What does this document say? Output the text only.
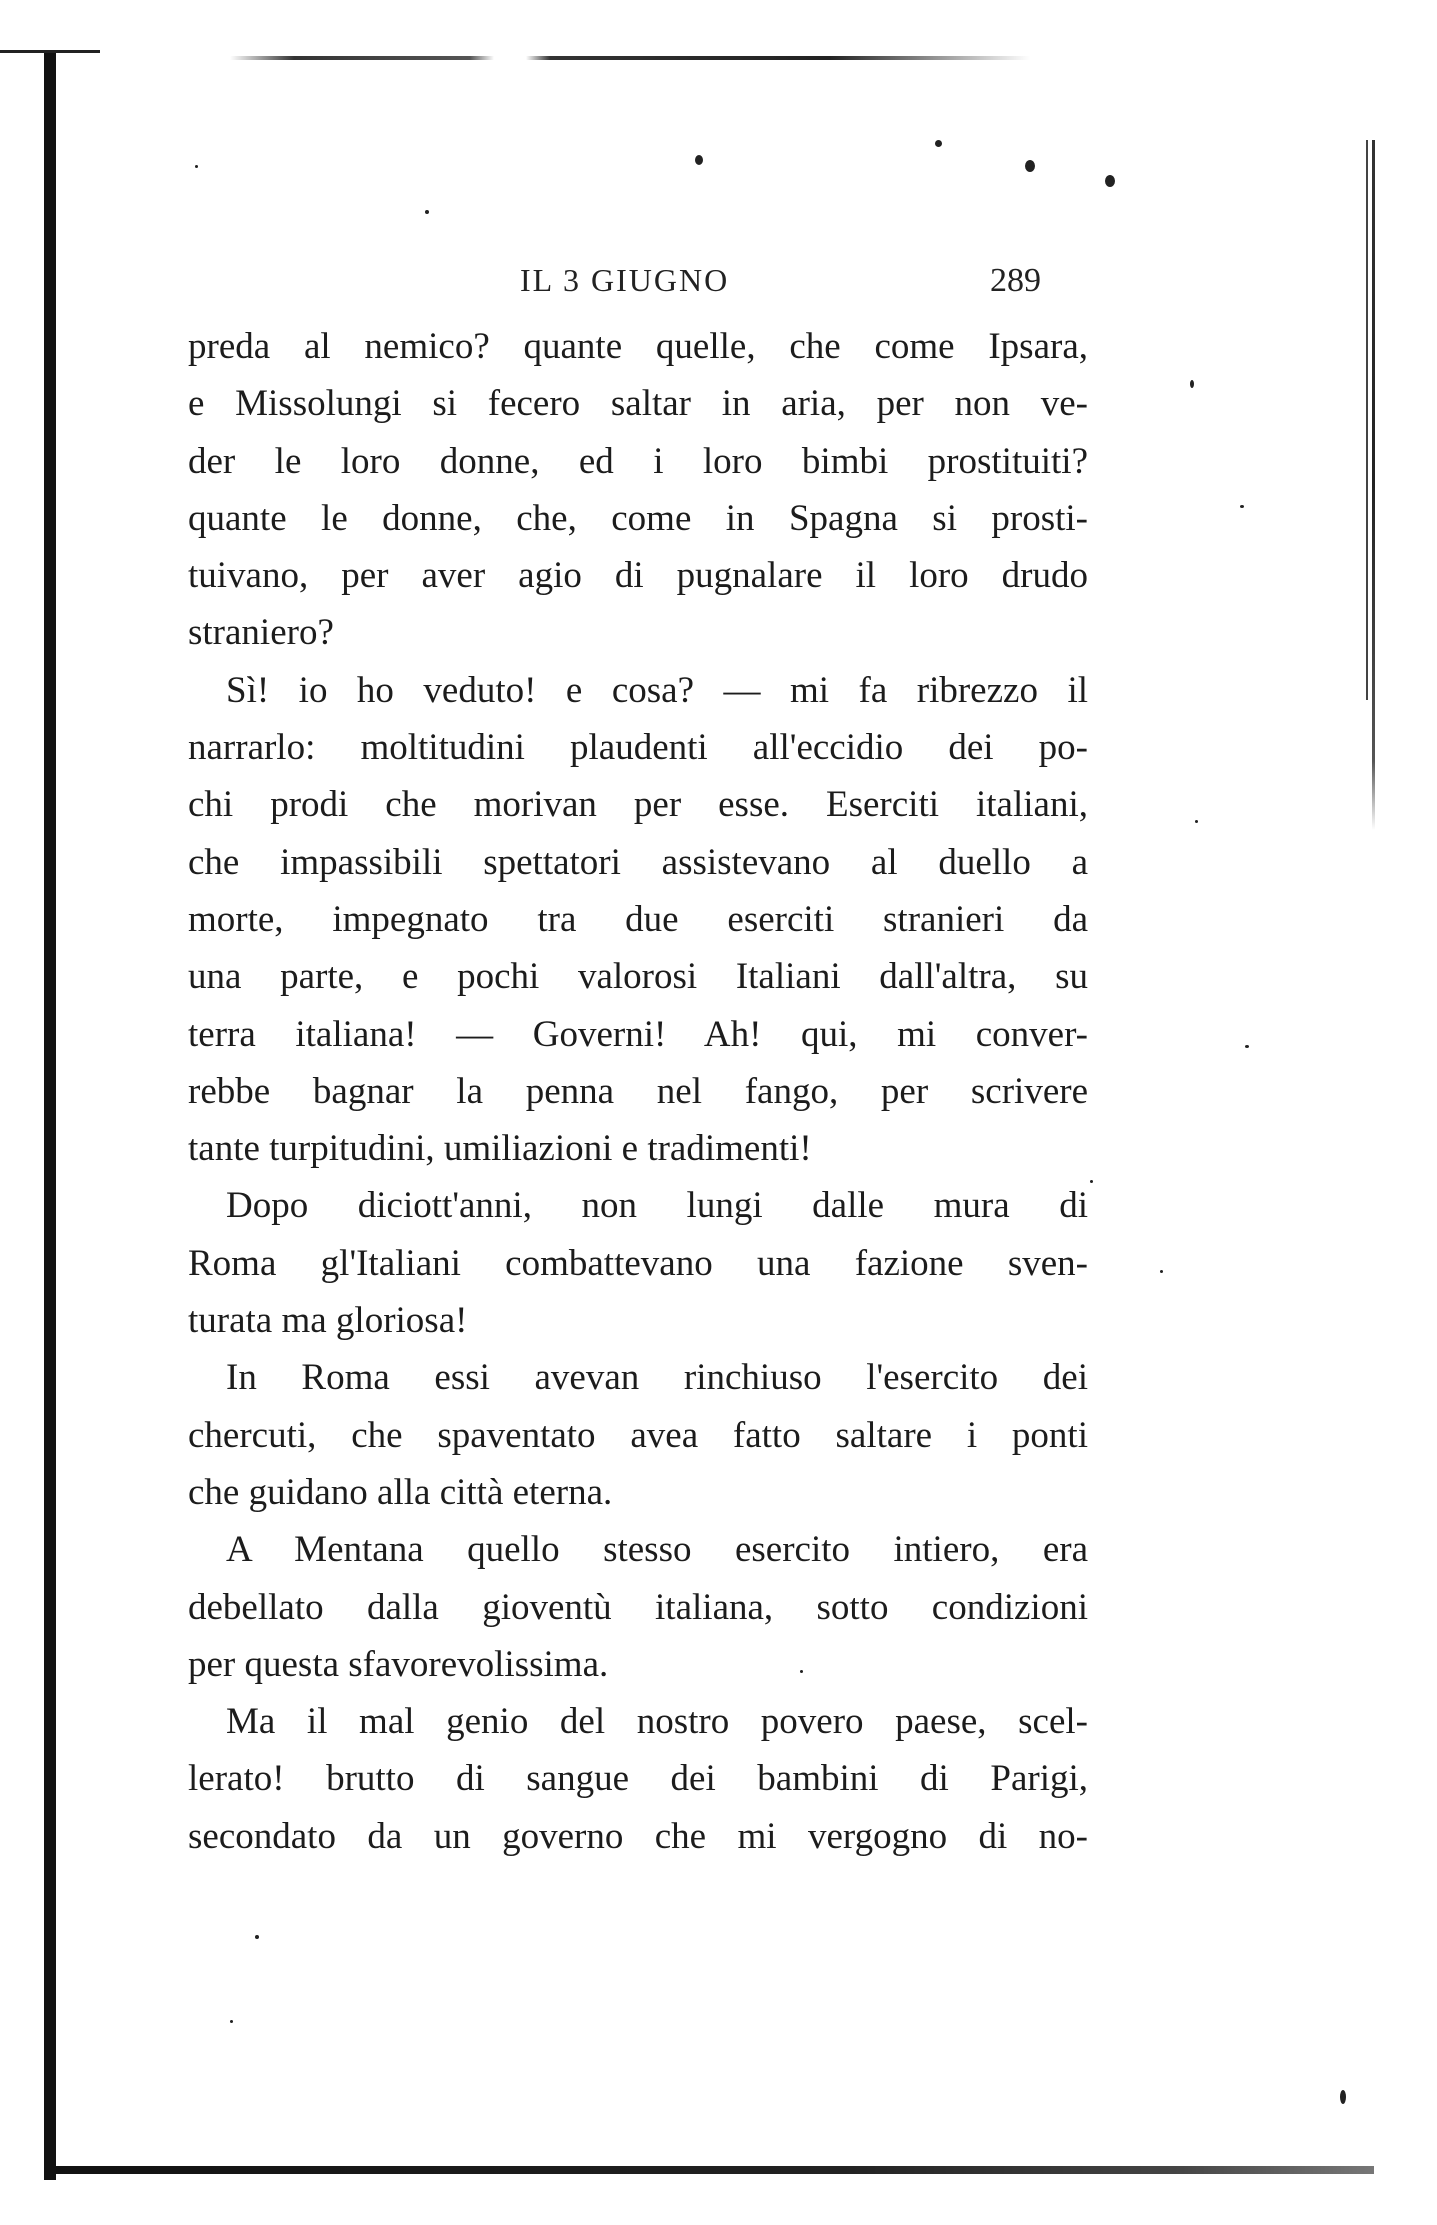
IL 3 GIUGNO	289
preda al nemico? quante quelle, che come Ipsara,
e Missolungi si fecero saltar in aria, per non ve-
der le loro donne, ed i loro bimbi prostituiti?
quante le donne, che, come in Spagna si prosti-
tuivano, per aver agio di pugnalare il loro drudo
straniero?
Sì! io ho veduto! e cosa? — mi fa ribrezzo il
narrarlo: moltitudini plaudenti all'eccidio dei po-
chi prodi che morivan per esse. Eserciti italiani,
che impassibili spettatori assistevano al duello a
morte, impegnato tra due eserciti stranieri da
una parte, e pochi valorosi Italiani dall'altra, su
terra italiana! — Governi! Ah! qui, mi conver-
rebbe bagnar la penna nel fango, per scrivere
tante turpitudini, umiliazioni e tradimenti!
Dopo diciott'anni, non lungi dalle mura di
Roma gl'Italiani combattevano una fazione sven-
turata ma gloriosa!
In Roma essi avevan rinchiuso l'esercito dei
chercuti, che spaventato avea fatto saltare i ponti
che guidano alla città eterna.
A Mentana quello stesso esercito intiero, era
debellato dalla gioventù italiana, sotto condizioni
per questa sfavorevolissima.
Ma il mal genio del nostro povero paese, scel-
lerato! brutto di sangue dei bambini di Parigi,
secondato da un governo che mi vergogno di no-
